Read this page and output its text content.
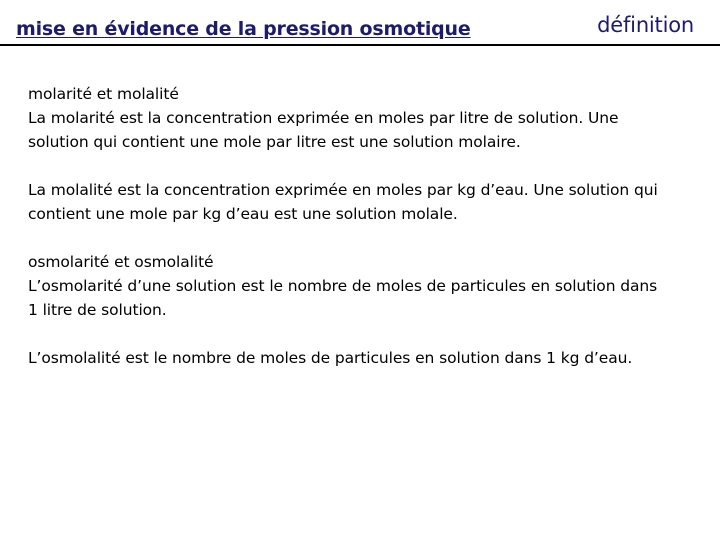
mise en évidence de la pression osmotique	définition

molarité et molalité
La molarité est la concentration exprimée en moles par litre de solution. Une solution qui contient une mole par litre est une solution molaire.

La molalité est la concentration exprimée en moles par kg d’eau. Une solution qui contient une mole par kg d’eau est une solution molale.

osmolarité et osmolalité
L’osmolarité d’une solution est le nombre de moles de particules en solution dans 1 litre de solution.

L’osmolalité est le nombre de moles de particules en solution dans 1 kg d’eau.
